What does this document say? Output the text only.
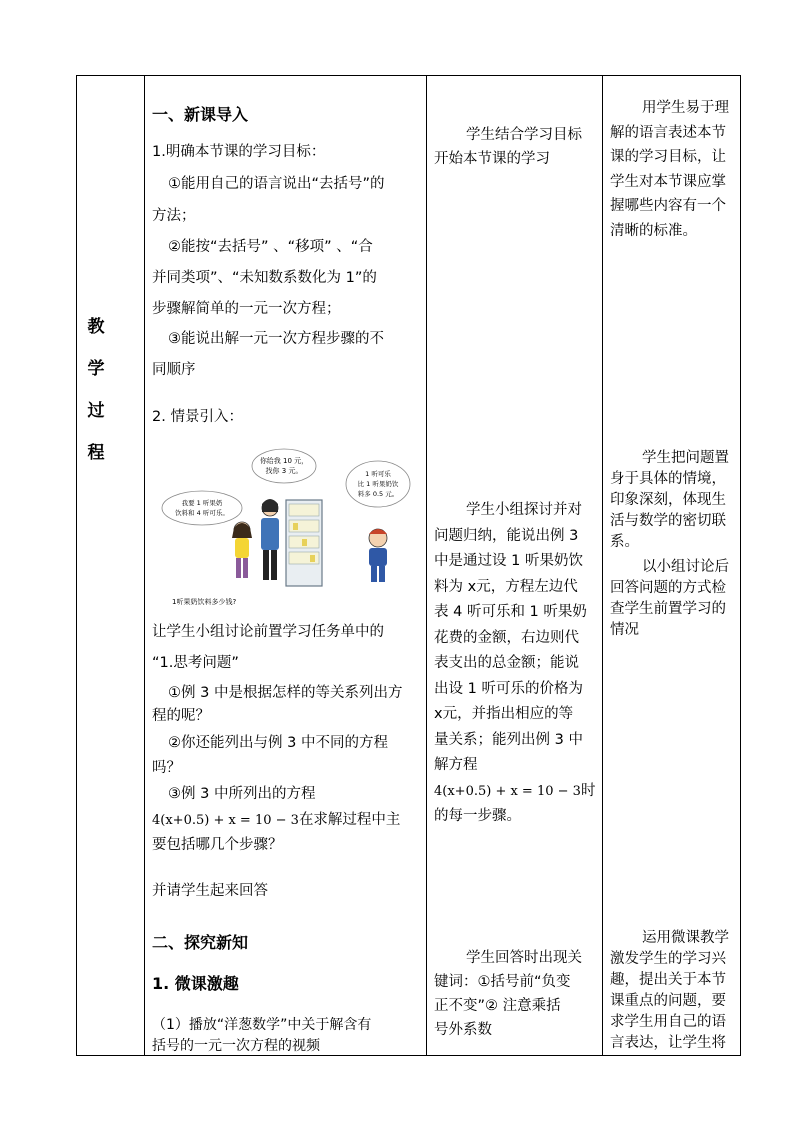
教
学
过
程
一、新课导入
1.明确本节课的学习目标：
①能用自己的语言说出“去括号”的
方法；
②能按“去括号” 、“移项” 、“合
并同类项”、“未知数系数化为 1”的
步骤解简单的一元一次方程；
③能说出解一元一次方程步骤的不
同顺序
2. 情景引入：
你给我 10 元，
找你 3 元。
我要 1 听果奶
饮料和 4 听可乐。
1 听可乐
比 1 听果奶饮
料多 0.5 元。
1听果奶饮料多少钱?
让学生小组讨论前置学习任务单中的
“1.思考问题”
①例 3 中是根据怎样的等关系列出方
程的呢？
②你还能列出与例 3 中不同的方程
吗？
③例 3 中所列出的方程
4(x+0.5) + x = 10 − 3在求解过程中主
要包括哪几个步骤？
并请学生起来回答
二、探究新知
1. 微课激趣
（1）播放“洋葱数学”中关于解含有
括号的一元一次方程的视频
学生结合学习目标
开始本节课的学习
学生小组探讨并对
问题归纳，能说出例 3
中是通过设 1 听果奶饮
料为 x元，方程左边代
表 4 听可乐和 1 听果奶
花费的金额，右边则代
表支出的总金额；能说
出设 1 听可乐的价格为
x元，并指出相应的等
量关系；能列出例 3 中
解方程
4(x+0.5) + x = 10 − 3时
的每一步骤。
学生回答时出现关
键词：①括号前“负变
正不变”② 注意乘括
号外系数
用学生易于理
解的语言表述本节
课的学习目标，让
学生对本节课应掌
握哪些内容有一个
清晰的标准。
学生把问题置
身于具体的情境，
印象深刻，体现生
活与数学的密切联
系。
以小组讨论后
回答问题的方式检
查学生前置学习的
情况
运用微课教学
激发学生的学习兴
趣，提出关于本节
课重点的问题，要
求学生用自己的语
言表达，让学生将
